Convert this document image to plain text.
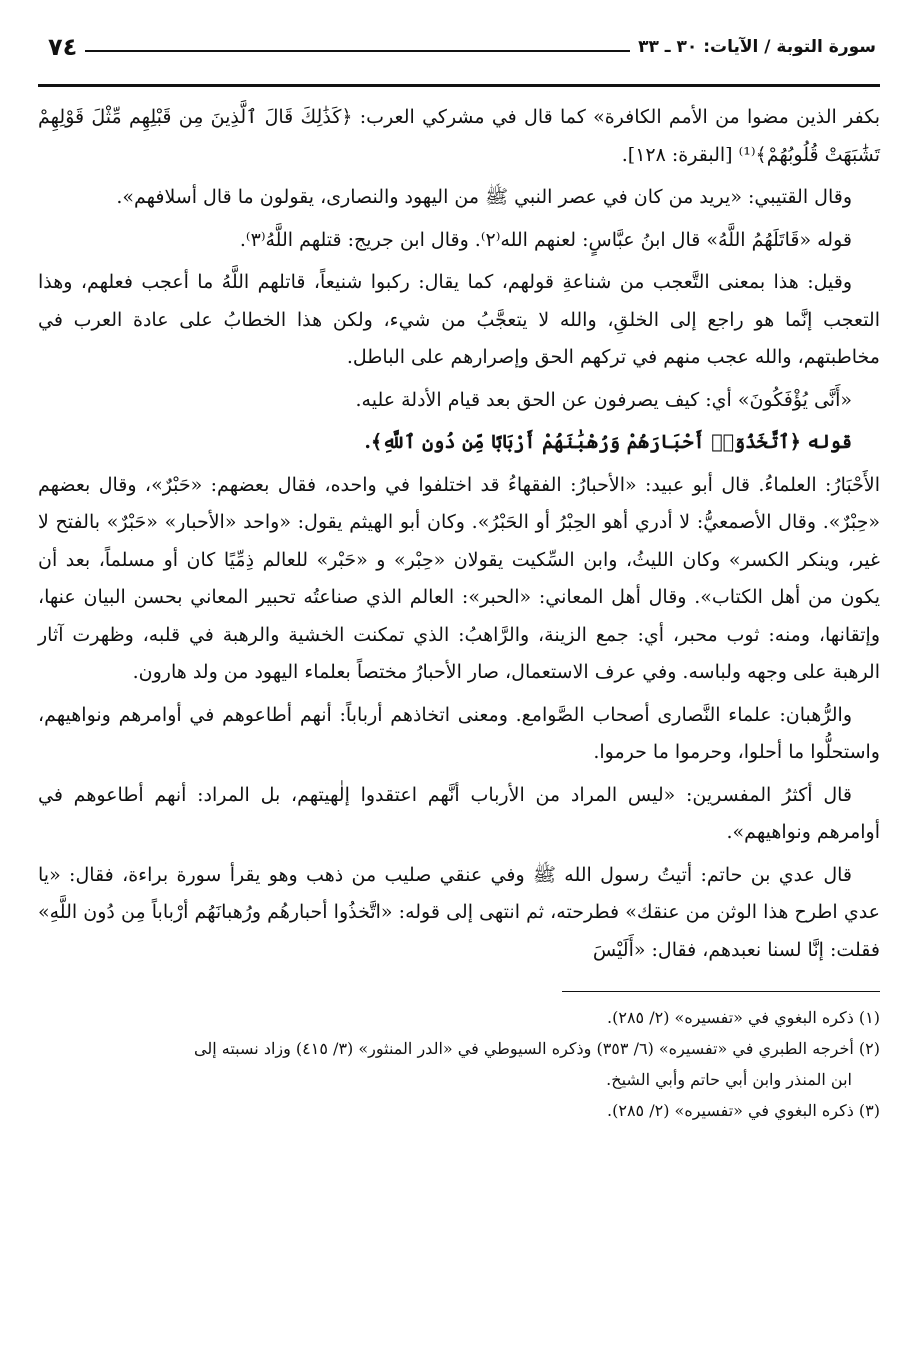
سورة التوبة / الآيات: ٣٠ ـ ٣٣
٧٤

بكفر الذين مضوا من الأمم الكافرة» كما قال في مشركي العرب: ﴿كَذَٰلِكَ قَالَ ٱلَّذِينَ مِن قَبْلِهِم مِّثْلَ قَوْلِهِمْ تَشَٰبَهَتْ قُلُوبُهُمْ﴾⁽¹⁾ [البقرة: ١٢٨].

وقال القتيبي: «يريد من كان في عصر النبي ﷺ من اليهود والنصارى، يقولون ما قال أسلافهم».

قوله «قَاتَلَهُمُ اللَّهُ» قال ابنُ عبَّاسٍ: لعنهم الله⁽٢⁾. وقال ابن جريج: قتلهم اللَّهُ⁽٣⁾.

وقيل: هذا بمعنى التَّعجب من شناعةِ قولهم، كما يقال: ركبوا شنيعاً، قاتلهم اللَّهُ ما أعجب فعلهم، وهذا التعجب إنَّما هو راجع إلى الخلقِ، والله لا يتعجَّبُ من شيء، ولكن هذا الخطابُ على عادة العرب في مخاطبتهم، والله عجب منهم في تركهم الحق وإصرارهم على الباطل.

«أَنَّى يُؤْفَكُونَ» أي: كيف يصرفون عن الحق بعد قيام الأدلة عليه.

قوله ﴿ٱتَّخَذُوٓا۟ أَحْبَارَهُمْ وَرُهْبَٰنَهُمْ أَرْبَابًا مِّن دُونِ ٱللَّهِ﴾.

الأَحْبَارُ: العلماءُ. قال أبو عبيد: «الأحبارُ: الفقهاءُ قد اختلفوا في واحده، فقال بعضهم: «حَبْرٌ»، وقال بعضهم «حِبْرٌ». وقال الأصمعيُّ: لا أدري أهو الحِبْرُ أو الحَبْرُ». وكان أبو الهيثم يقول: «واحد «الأحبار» «حَبْرٌ» بالفتح لا غير، وينكر الكسر» وكان الليثُ، وابن السِّكيت يقولان «حِبْر» و «حَبْر» للعالم ذِمِّيًا كان أو مسلماً، بعد أن يكون من أهل الكتاب». وقال أهل المعاني: «الحبر»: العالم الذي صناعتُه تحبير المعاني بحسن البيان عنها، وإتقانها، ومنه: ثوب محبر، أي: جمع الزينة، والرَّاهبُ: الذي تمكنت الخشية والرهبة في قلبه، وظهرت آثار الرهبة على وجهه ولباسه. وفي عرف الاستعمال، صار الأحبارُ مختصاً بعلماء اليهود من ولد هارون.

والرُّهبان: علماء النَّصارى أصحاب الصَّوامع. ومعنى اتخاذهم أرباباً: أنهم أطاعوهم في أوامرهم ونواهيهم، واستحلُّوا ما أحلوا، وحرموا ما حرموا.

قال أكثرُ المفسرين: «ليس المراد من الأرباب أنَّهم اعتقدوا إلٰهيتهم، بل المراد: أنهم أطاعوهم في أوامرهم ونواهيهم».

قال عدي بن حاتم: أتيتُ رسول الله ﷺ وفي عنقي صليب من ذهب وهو يقرأ سورة براءة، فقال: «يا عدي اطرح هذا الوثن من عنقك» فطرحته، ثم انتهى إلى قوله: «اتَّخذُوا أحبارهُم ورُهبانَهُم أرْباباً مِن دُون اللَّهِ» فقلت: إنَّا لسنا نعبدهم، فقال: «أَلَيْسَ

(١) ذكره البغوي في «تفسيره» (٢/ ٢٨٥).

(٢) أخرجه الطبري في «تفسيره» (٦/ ٣٥٣) وذكره السيوطي في «الدر المنثور» (٣/ ٤١٥) وزاد نسبته إلى

ابن المنذر وابن أبي حاتم وأبي الشيخ.

(٣) ذكره البغوي في «تفسيره» (٢/ ٢٨٥).
